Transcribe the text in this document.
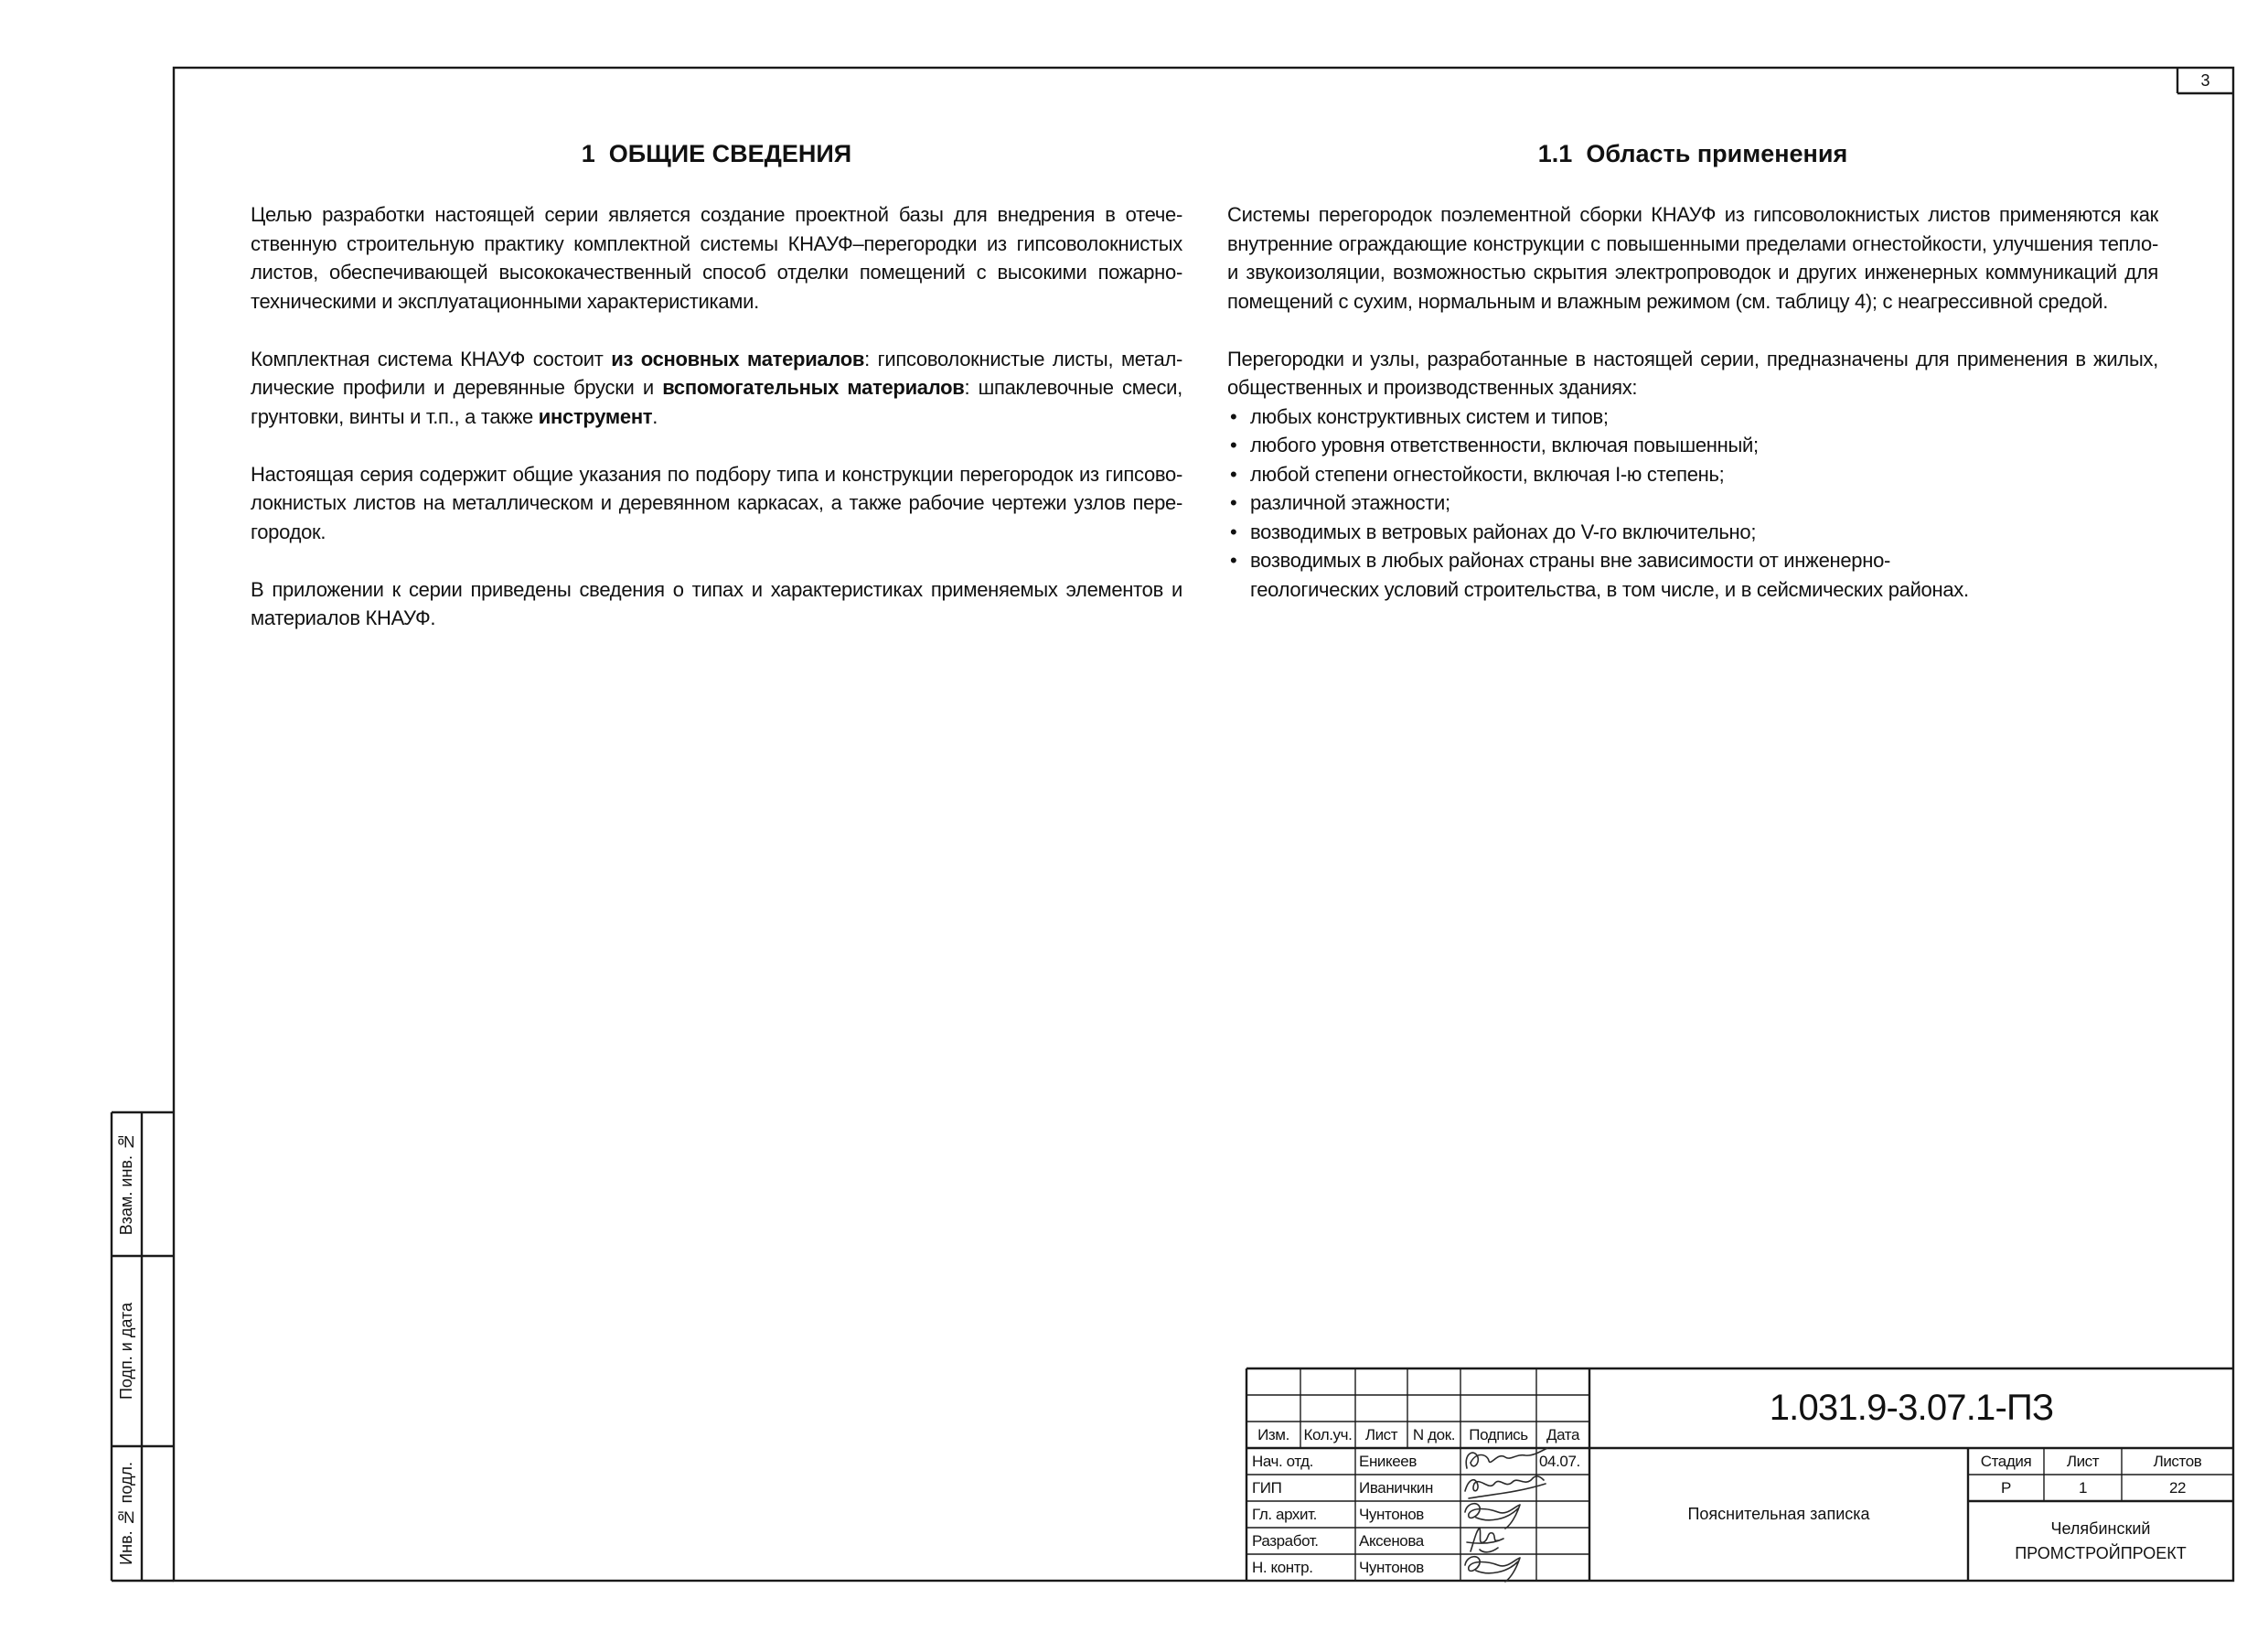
3
Взам. инв. №
Подп. и дата
Инв. № подл.
1  ОБЩИЕ СВЕДЕНИЯ
Целью разработки настоящей серии является создание проектной базы для внедрения в отече-
ственную строительную практику комплектной системы КНАУФ–перегородки из гипсоволокнистых
листов, обеспечивающей высококачественный способ отделки помещений с высокими пожарно-
техническими и эксплуатационными характеристиками.
Комплектная система КНАУФ состоит из основных материалов: гипсоволокнистые листы, метал-
лические профили и деревянные бруски и вспомогательных материалов: шпаклевочные смеси,
грунтовки, винты и т.п., а также инструмент.
Настоящая серия содержит общие указания по подбору типа и конструкции перегородок из гипсово-
локнистых листов на металлическом и деревянном каркасах, а также рабочие чертежи узлов пере-
городок.
В приложении к серии приведены сведения о типах и характеристиках применяемых элементов и
материалов КНАУФ.
1.1  Область применения
Системы перегородок поэлементной сборки КНАУФ из гипсоволокнистых листов применяются как
внутренние ограждающие конструкции с повышенными пределами огнестойкости, улучшения тепло-
и звукоизоляции, возможностью скрытия электропроводок и других инженерных коммуникаций для
помещений с сухим, нормальным и влажным режимом (см. таблицу 4); с неагрессивной средой.
Перегородки и узлы, разработанные в настоящей серии, предназначены для применения в жилых,
общественных и производственных зданиях:
• любых конструктивных систем и типов;
• любого уровня ответственности, включая повышенный;
• любой степени огнестойкости, включая I-ю степень;
• различной этажности;
• возводимых в ветровых районах до V-го включительно;
• возводимых в любых районах страны вне зависимости от инженерно-
геологических условий строительства, в том числе, и в сейсмических районах.
Изм. Кол.уч. Лист N док. Подпись	Дата
Нач. отд.	Еникеев	04.07.
ГИП	Иваничкин
Гл. архит.	Чунтонов
Разработ.	Аксенова
Н. контр.	Чунтонов
1.031.9-3.07.1-ПЗ
Пояснительная записка
Стадия	Лист	Листов
Р	1	22
Челябинский
ПРОМСТРОЙПРОЕКТ
